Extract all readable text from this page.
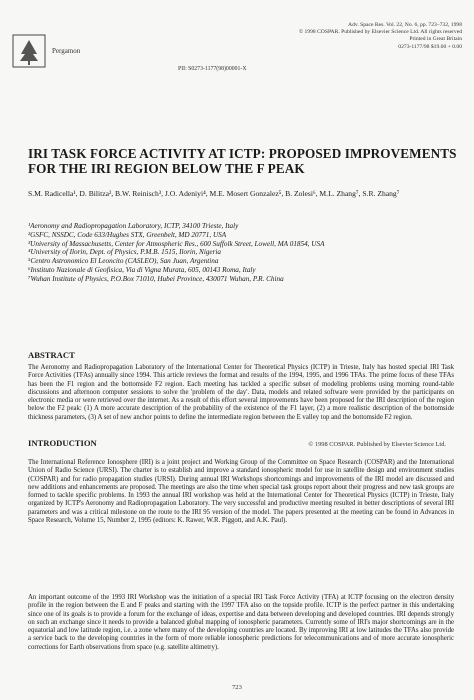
Pergamon
Adv. Space Res. Vol. 22, No. 6, pp. 723–732, 1998
© 1998 COSPAR. Published by Elsevier Science Ltd. All rights reserved
Printed in Great Britain
0273-1177/98 $19.00 + 0.00
PII: S0273-1177(98)00001-X
IRI TASK FORCE ACTIVITY AT ICTP: PROPOSED IMPROVEMENTS FOR THE IRI REGION BELOW THE F PEAK
S.M. Radicella¹, D. Bilitza², B.W. Reinisch³, J.O. Adeniyi⁴, M.E. Mosert Gonzalez⁵, B. Zolesi⁶, M.L. Zhang⁷, S.R. Zhang⁷
¹Aeronomy and Radiopropagation Laboratory, ICTP, 34100 Trieste, Italy
²GSFC, NSSDC, Code 633/Hughes STX, Greenbelt, MD 20771, USA
³University of Massachusetts, Center for Atmospheric Res., 600 Suffolk Street, Lowell, MA 01854, USA
⁴University of Ilorin, Dept. of Physics, P.M.B. 1515, Ilorin, Nigeria
⁵Centro Astronomico El Leoncito (CASLEO), San Juan, Argentina
⁶Instituto Nazionale di Geofisica, Via di Vigna Murata, 605, 00143 Roma, Italy
⁷Wuhan Institute of Physics, P.O.Box 71010, Hubei Province, 430071 Wuhan, P.R. China
ABSTRACT
The Aeronomy and Radiopropagation Laboratory of the International Center for Theoretical Physics (ICTP) in Trieste, Italy has hosted special IRI Task Force Activities (TFAs) annually since 1994. This article reviews the format and results of the 1994, 1995, and 1996 TFAs. The prime focus of these TFAs has been the F1 region and the bottomside F2 region. Each meeting has tackled a specific subset of modeling problems using morning round-table discussions and afternoon computer sessions to solve the 'problem of the day'. Data, models and related software were provided by the participants on electronic media or were retrieved over the internet. As a result of this effort several improvements have been proposed for the IRI description of the region below the F2 peak: (1) A more accurate description of the probability of the existence of the F1 layer, (2) a more realistic description of the bottomside thickness parameters, (3) A set of new anchor points to define the intermediate region between the E valley top and the bottomside F2 region.
INTRODUCTION	© 1998 COSPAR. Published by Elsevier Science Ltd.
The International Reference Ionosphere (IRI) is a joint project and Working Group of the Committee on Space Research (COSPAR) and the International Union of Radio Science (URSI). The charter is to establish and improve a standard ionospheric model for use in satellite design and environment studies (COSPAR) and for radio propagation studies (URSI). During annual IRI Workshops shortcomings and improvements of the IRI model are discussed and new additions and enhancements are proposed. The meetings are also the time when special task groups report about their progress and new task groups are formed to tackle specific problems. In 1993 the annual IRI workshop was held at the International Center for Theoretical Physics (ICTP) in Trieste, Italy organized by ICTP's Aeronomy and Radiopropagation Laboratory. The very successful and productive meeting resulted in better descriptions of several IRI parameters and was a critical milestone on the route to the IRI 95 version of the model. The papers presented at the meeting can be found in Advances in Space Research, Volume 15, Number 2, 1995 (editors: K. Rawer, W.R. Piggott, and A.K. Paul).
An important outcome of the 1993 IRI Workshop was the initiation of a special IRI Task Force Activity (TFA) at ICTP focusing on the electron density profile in the region between the E and F peaks and starting with the 1997 TFA also on the topside profile. ICTP is the perfect partner in this undertaking since one of its goals is to provide a forum for the exchange of ideas, expertise and data between developing and developed countries. IRI depends strongly on such an exchange since it needs to provide a balanced global mapping of ionospheric parameters. Currently some of IRI's major shortcomings are in the equatorial and low latitude region, i.e. a zone where many of the developing countries are located. By improving IRI at low latitudes the TFAs also provide a service back to the developing countries in the form of more reliable ionospheric predictions for telecommunications and of more accurate ionospheric corrections for Earth observations from space (e.g. satellite altimetry).
723
